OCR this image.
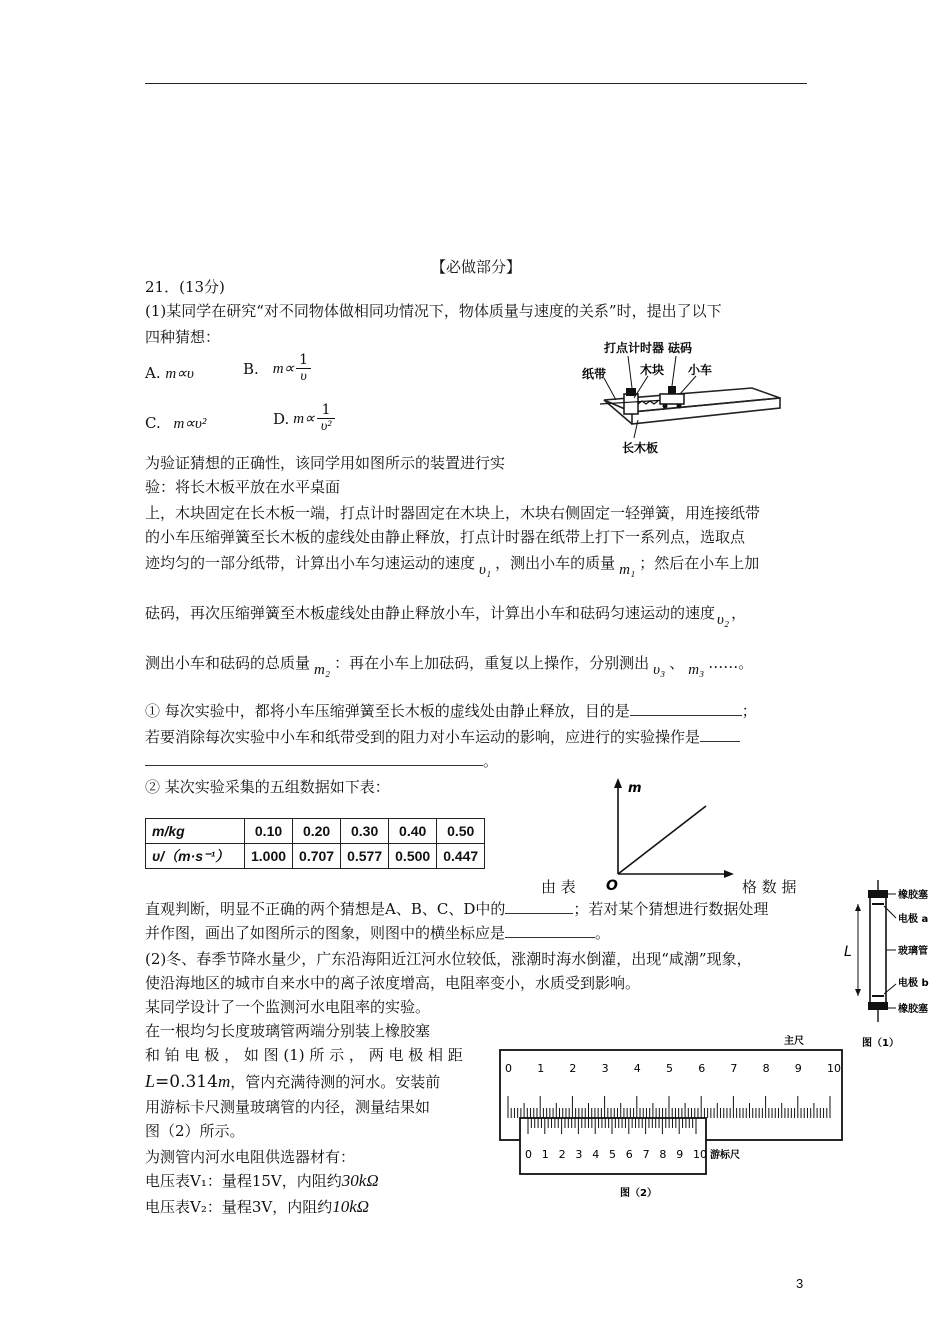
【必做部分】
21．(13分)
(1)某同学在研究“对不同物体做相同功情况下，物体质量与速度的关系”时，提出了以下
四种猜想：
A. m∝υ	B. m∝
1
υ
C. m∝υ²	D. m∝
1
υ²
打点计时器 砝码
纸带	木块 小车
长木板
为验证猜想的正确性，该同学用如图所示的装置进行实
验：将长木板平放在水平桌面
上，木块固定在长木板一端，打点计时器固定在木块上，木块右侧固定一轻弹簧，用连接纸带
的小车压缩弹簧至长木板的虚线处由静止释放，打点计时器在纸带上打下一系列点，选取点
迹均匀的一部分纸带，计算出小车匀速运动的速度 υ₁ ，测出小车的质量 m₁ ；然后在小车上加
砝码，再次压缩弹簧至木板虚线处由静止释放小车，计算出小车和砝码匀速运动的速度 υ₂ ，
测出小车和砝码的总质量 m₂ ：再在小车上加砝码，重复以上操作，分别测出 υ₃ 、 m₃ ……。
① 每次实验中，都将小车压缩弹簧至长木板的虚线处由静止释放，目的是	；
若要消除每次实验中小车和纸带受到的阻力对小车运动的影响，应进行的实验操作是
。
② 某次实验采集的五组数据如下表：
m/kg	0.10	0.20	0.30	0.40	0.50
υ/（m·s⁻¹）	1.000	0.707	0.577	0.500	0.447
m
O
由 表	格 数 据
直观判断，明显不正确的两个猜想是A、B、C、D中的	；若对某个猜想进行数据处理
并作图，画出了如图所示的图象，则图中的横坐标应是	。
(2)冬、春季节降水量少，广东沿海阳近江河水位较低，涨潮时海水倒灌，出现“咸潮”现象，
使沿海地区的城市自来水中的离子浓度增高，电阻率变小，水质受到影响。
某同学设计了一个监测河水电阻率的实验。
在一根均匀长度玻璃管两端分别装上橡胶塞
和 铂 电 极 ， 如 图 (1) 所 示 ， 两 电 极 相 距
L=0.314m，管内充满待测的河水。安装前
用游标卡尺测量玻璃管的内径，测量结果如
图（2）所示。
为测管内河水电阻供选器材有：
电压表V₁：量程15V，内阻约30kΩ
电压表V₂：量程3V，内阻约10kΩ
L
橡胶塞
电极 a
玻璃管
电极 b
橡胶塞
图（1）
0 1 2 3 4 5 6 7 8 9 10
0 1 2 3 4 5 6 7 8 9 10
主尺
游标尺
图（2）
3
